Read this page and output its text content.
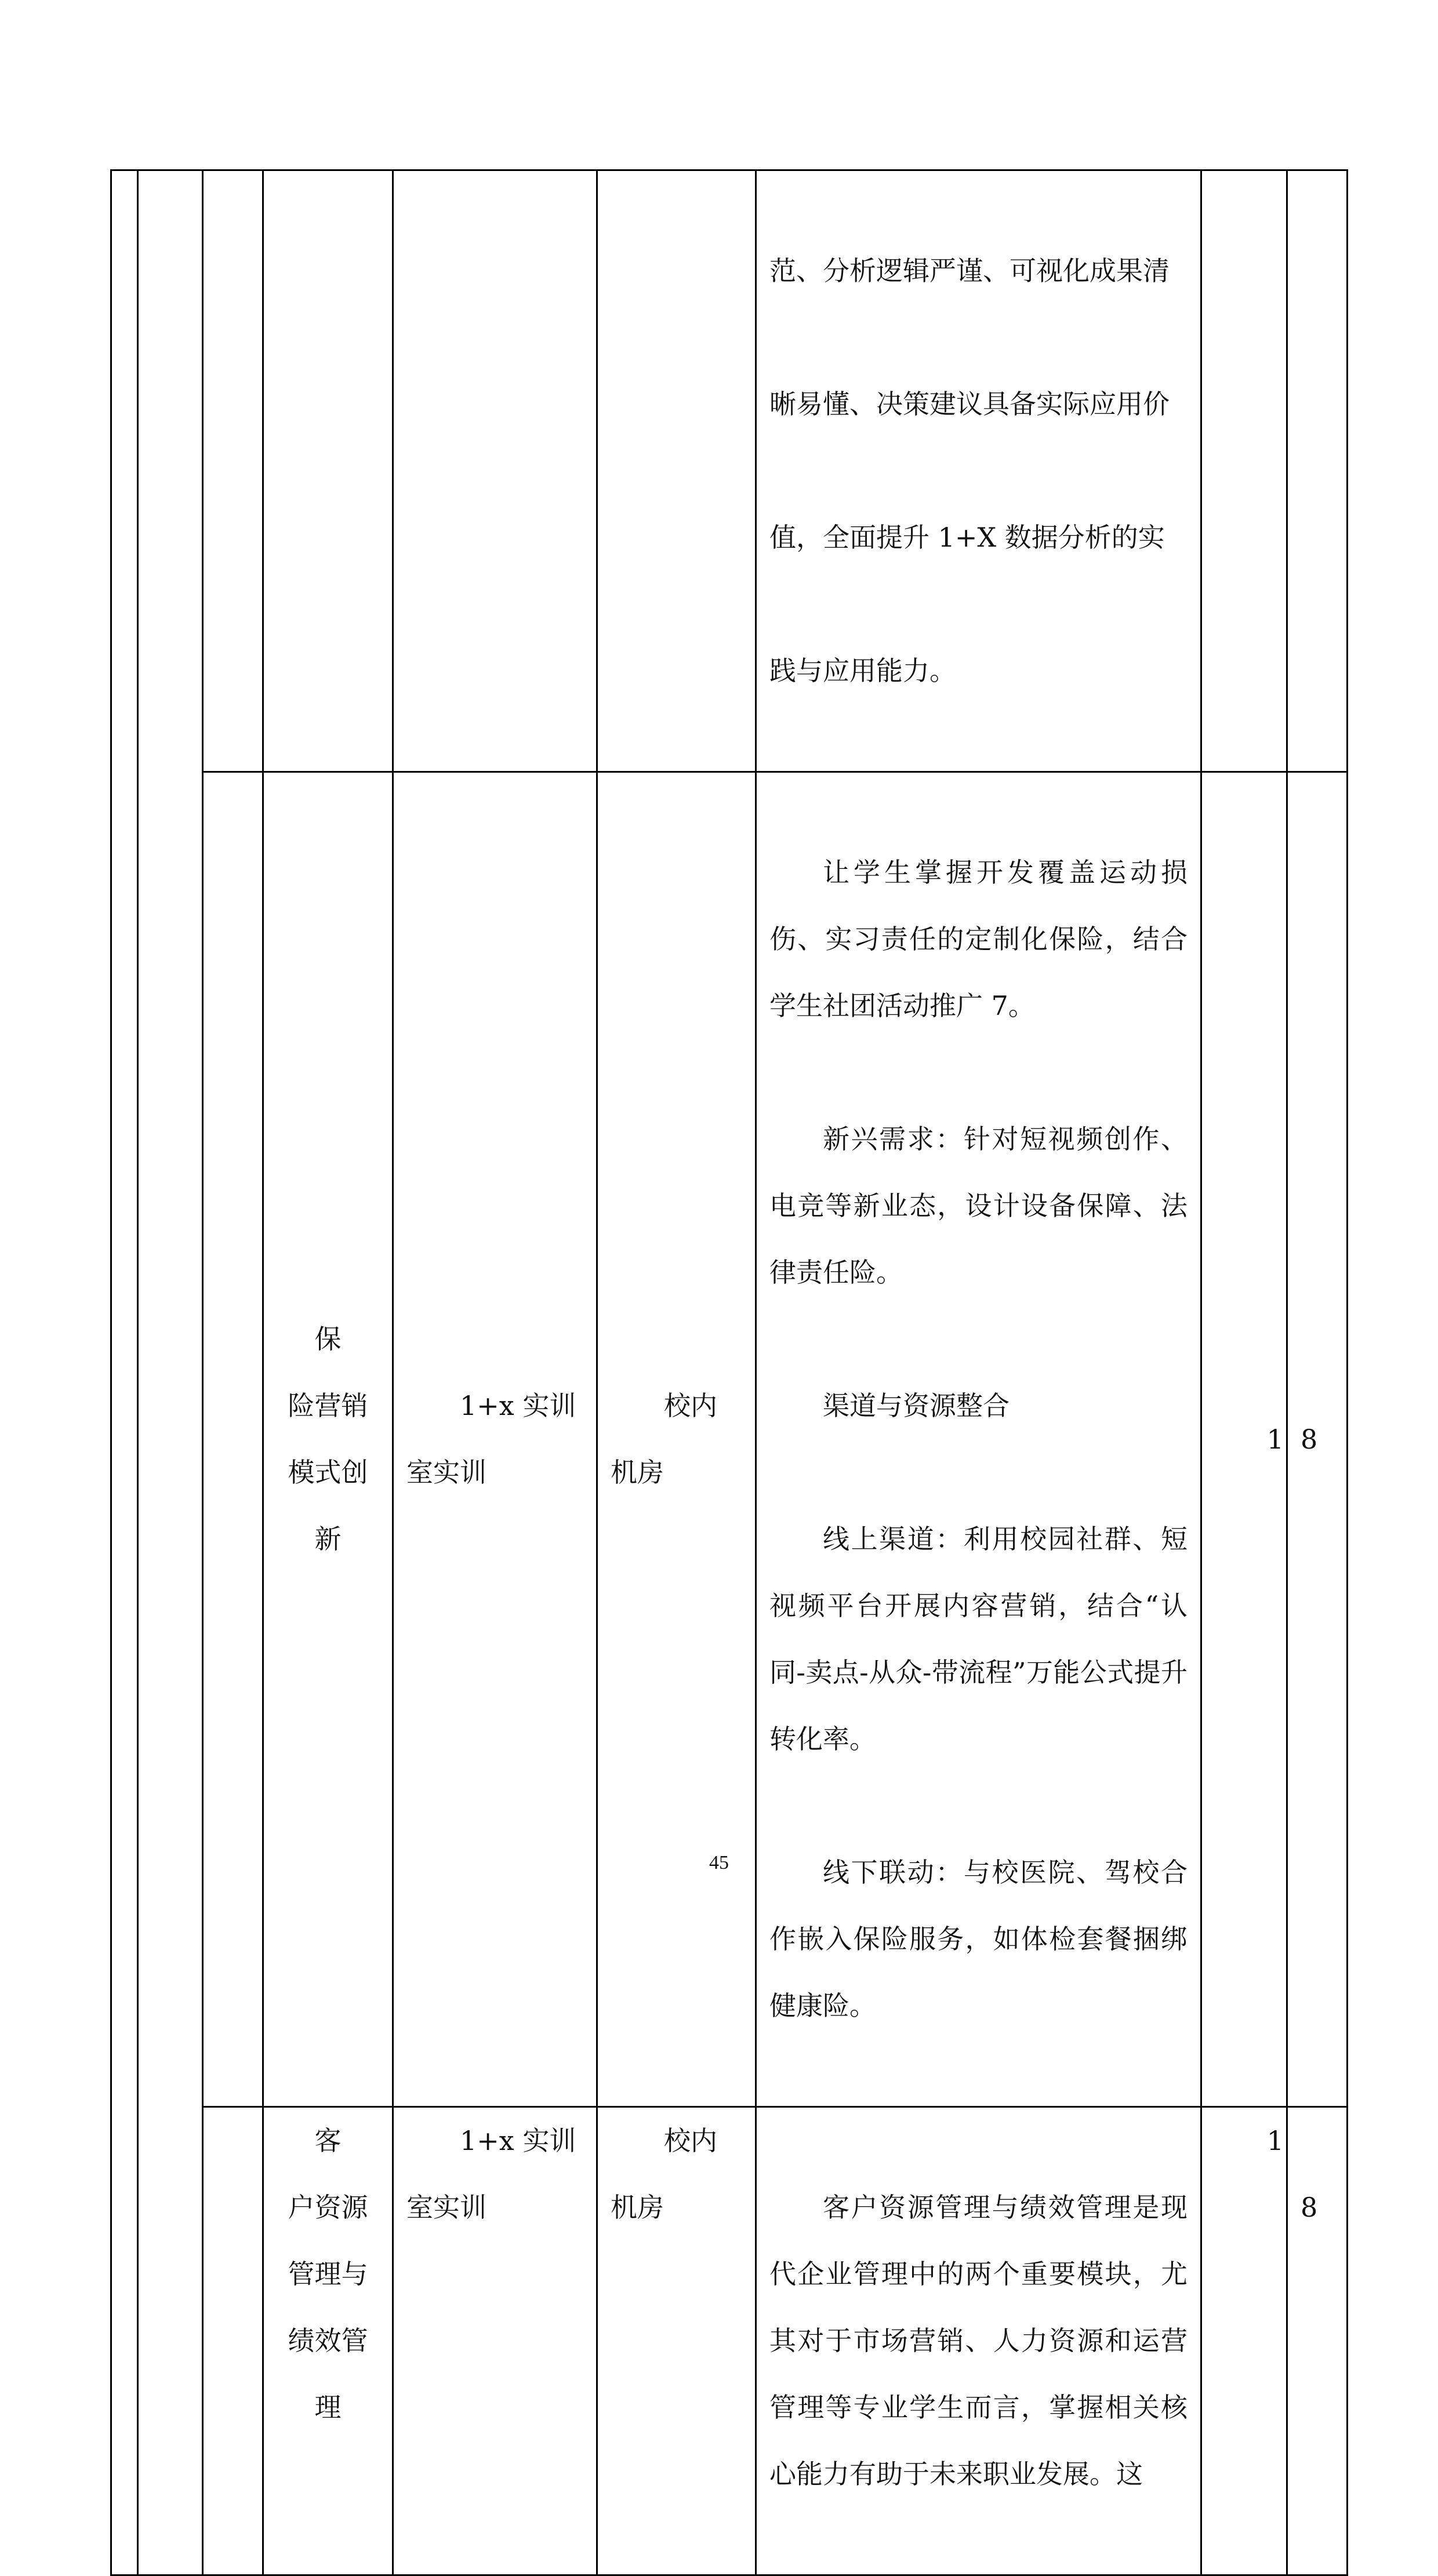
						范、分析逻辑严谨、可视化成果清

晰易懂、决策建议具备实际应用价

值，全面提升 1+X 数据分析的实

践与应用能力。		

			保
险营销
模式创
新	1+x 实训
室实训	校内
机房	让学生掌握开发覆盖运动损伤、实习责任的定制化保险，结合学生社团活动推广 7。

新兴需求：针对短视频创作、电竞等新业态，设计设备保障、法律责任险。

渠道与资源整合

线上渠道：利用校园社群、短视频平台开展内容营销，结合“认同-卖点-从众-带流程”万能公式提升转化率。

线下联动：与校医院、驾校合作嵌入保险服务，如体检套餐捆绑健康险。	1	8

			客
户资源
管理与
绩效管
理	1+x 实训
室实训	校内
机房	客户资源管理与绩效管理是现代企业管理中的两个重要模块，尤其对于市场营销、人力资源和运营管理等专业学生而言，掌握相关核心能力有助于未来职业发展。这	1	8
45
